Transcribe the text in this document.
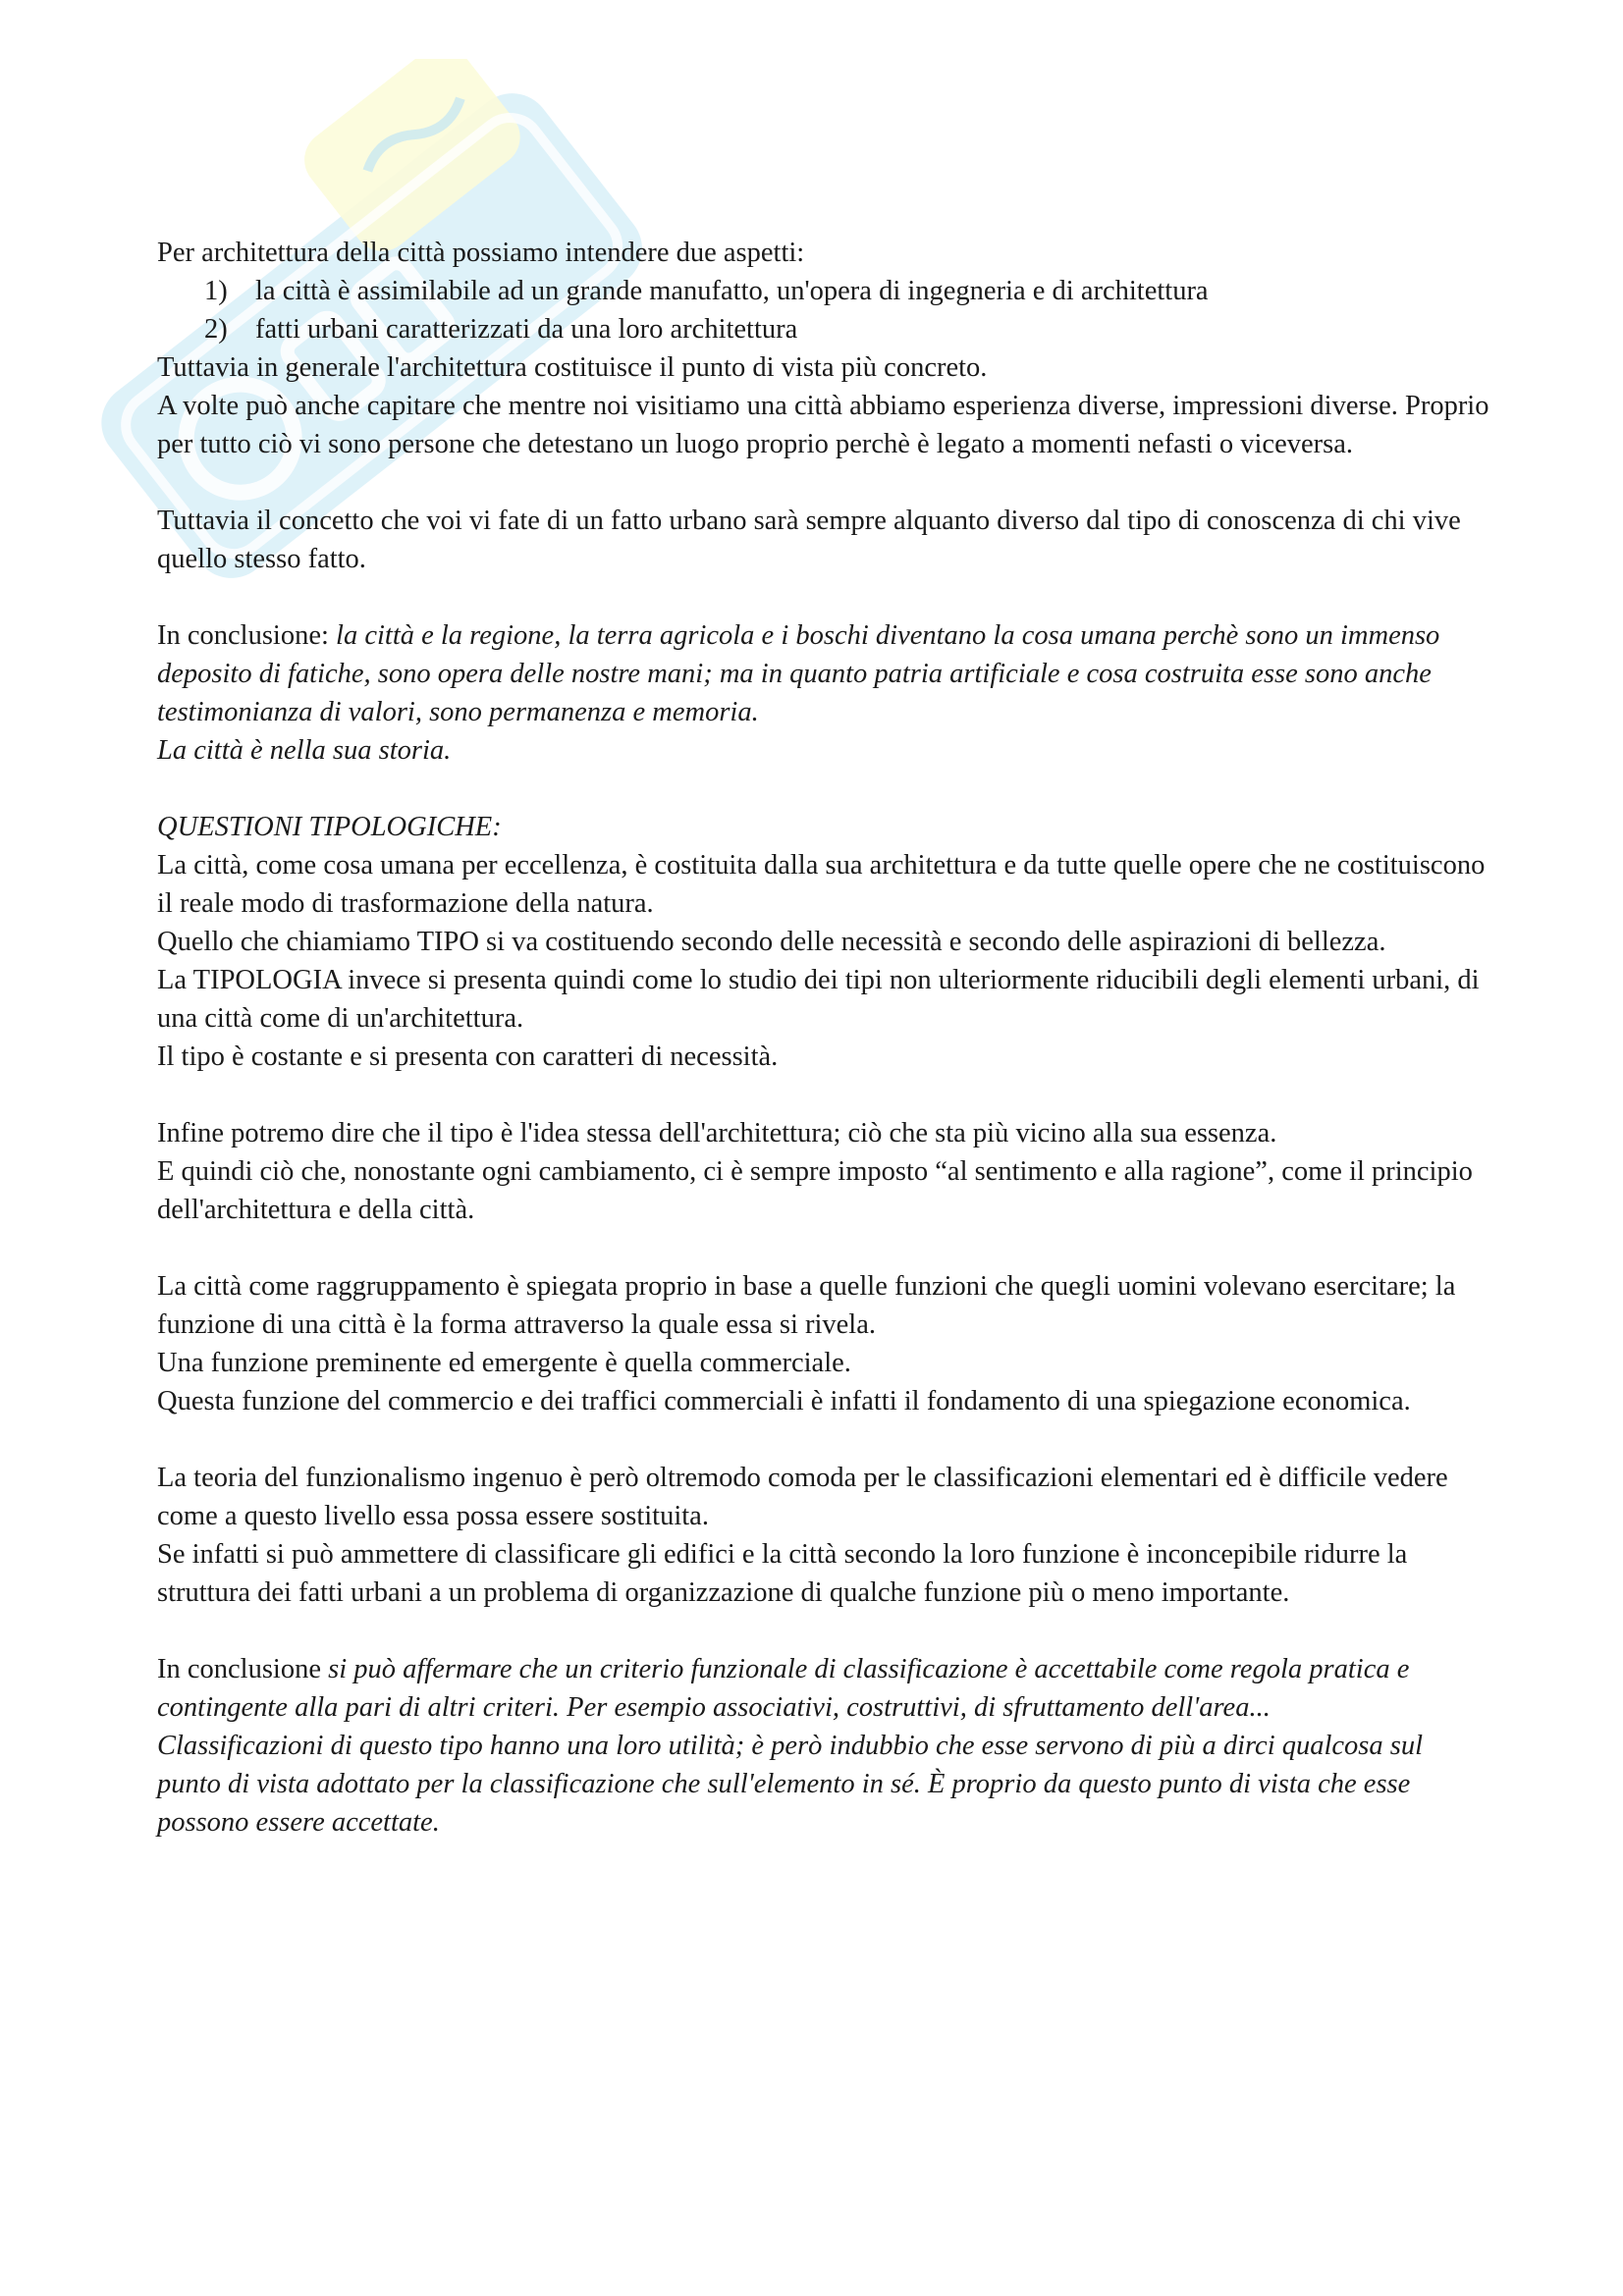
Per architettura della città possiamo intendere due aspetti:

1) la città è assimilabile ad un grande manufatto, un'opera di ingegneria e di architettura
2) fatti urbani caratterizzati da una loro architettura

Tuttavia in generale l'architettura costituisce il punto di vista più concreto.

A volte può anche capitare che mentre noi visitiamo una città abbiamo esperienza diverse, impressioni diverse. Proprio per tutto ciò vi sono persone che detestano un luogo proprio perchè è legato a momenti nefasti o viceversa.

Tuttavia il concetto che voi vi fate di un fatto urbano sarà sempre alquanto diverso dal tipo di conoscenza di chi vive quello stesso fatto.

In conclusione: la città e la regione, la terra agricola e i boschi diventano la cosa umana perchè sono un immenso deposito di fatiche, sono opera delle nostre mani; ma in quanto patria artificiale e cosa costruita esse sono anche testimonianza di valori, sono permanenza e memoria.

La città è nella sua storia.

QUESTIONI TIPOLOGICHE:

La città, come cosa umana per eccellenza, è costituita dalla sua architettura e da tutte quelle opere che ne costituiscono il reale modo di trasformazione della natura.

Quello che chiamiamo TIPO si va costituendo secondo delle necessità e secondo delle aspirazioni di bellezza.

La TIPOLOGIA invece si presenta quindi come lo studio dei tipi non ulteriormente riducibili degli elementi urbani, di una città come di un'architettura.

Il tipo è costante e si presenta con caratteri di necessità.

Infine potremo dire che il tipo è l'idea stessa dell'architettura; ciò che sta più vicino alla sua essenza.

E quindi ciò che, nonostante ogni cambiamento, ci è sempre imposto “al sentimento e alla ragione”, come il principio dell'architettura e della città.

La città come raggruppamento è spiegata proprio in base a quelle funzioni che quegli uomini volevano esercitare; la funzione di una città è la forma attraverso la quale essa si rivela.

Una funzione preminente ed emergente è quella commerciale.

Questa funzione del commercio e dei traffici commerciali è infatti il fondamento di una spiegazione economica.

La teoria del funzionalismo ingenuo è però oltremodo comoda per le classificazioni elementari ed è difficile vedere come a questo livello essa possa essere sostituita.

Se infatti si può ammettere di classificare gli edifici e la città secondo la loro funzione è inconcepibile ridurre la struttura dei fatti urbani a un problema di organizzazione di qualche funzione più o meno importante.

In conclusione si può affermare che un criterio funzionale di classificazione è accettabile come regola pratica e contingente alla pari di altri criteri. Per esempio associativi, costruttivi, di sfruttamento dell'area...

Classificazioni di questo tipo hanno una loro utilità; è però indubbio che esse servono di più a dirci qualcosa sul punto di vista adottato per la classificazione che sull'elemento in sé. È proprio da questo punto di vista che esse possono essere accettate.
